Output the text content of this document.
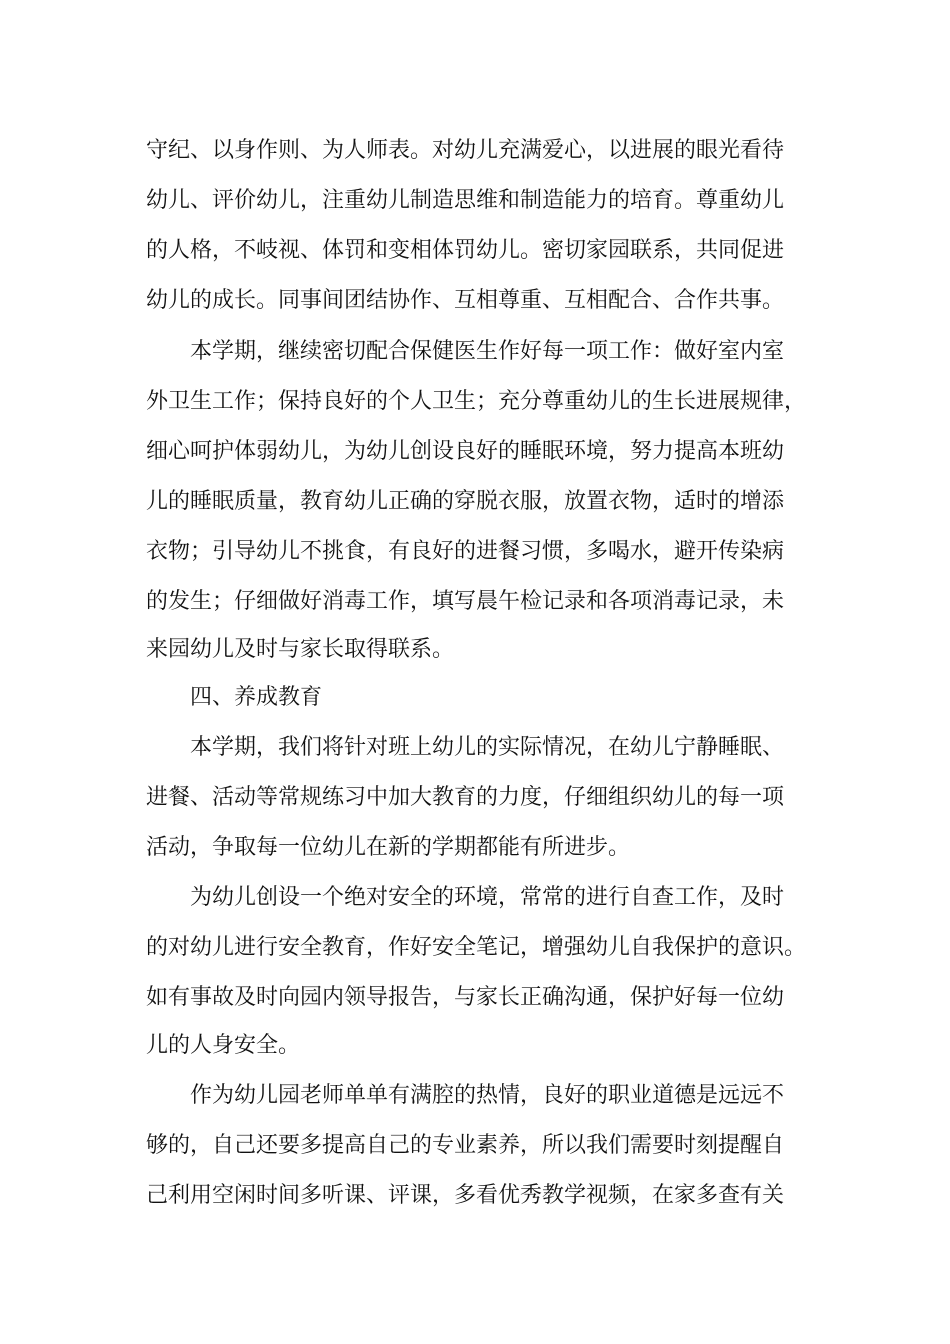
守纪、以身作则、为人师表。对幼儿充满爱心，以进展的眼光看待
幼儿、评价幼儿，注重幼儿制造思维和制造能力的培育。尊重幼儿
的人格，不岐视、体罚和变相体罚幼儿。密切家园联系，共同促进
幼儿的成长。同事间团结协作、互相尊重、互相配合、合作共事。
本学期，继续密切配合保健医生作好每一项工作：做好室内室
外卫生工作；保持良好的个人卫生；充分尊重幼儿的生长进展规律，
细心呵护体弱幼儿，为幼儿创设良好的睡眠环境，努力提高本班幼
儿的睡眠质量，教育幼儿正确的穿脱衣服，放置衣物，适时的增添
衣物；引导幼儿不挑食，有良好的进餐习惯，多喝水，避开传染病
的发生；仔细做好消毒工作，填写晨午检记录和各项消毒记录，未
来园幼儿及时与家长取得联系。
四、养成教育
本学期，我们将针对班上幼儿的实际情况，在幼儿宁静睡眠、
进餐、活动等常规练习中加大教育的力度，仔细组织幼儿的每一项
活动，争取每一位幼儿在新的学期都能有所进步。
为幼儿创设一个绝对安全的环境，常常的进行自查工作，及时
的对幼儿进行安全教育，作好安全笔记，增强幼儿自我保护的意识。
如有事故及时向园内领导报告，与家长正确沟通，保护好每一位幼
儿的人身安全。
作为幼儿园老师单单有满腔的热情，良好的职业道德是远远不
够的，自己还要多提高自己的专业素养，所以我们需要时刻提醒自
己利用空闲时间多听课、评课，多看优秀教学视频，在家多查有关
